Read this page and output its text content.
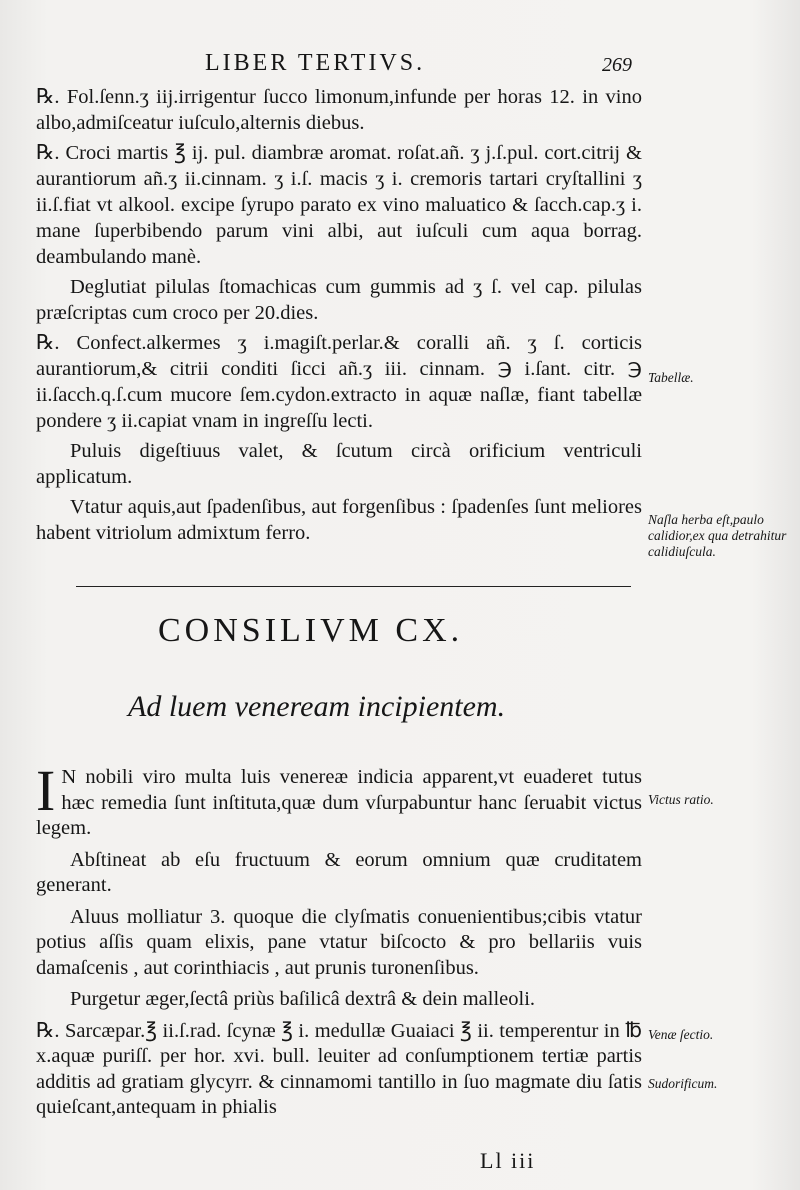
LIBER TERTIVS.	269

℞. Fol.ſenn.ʒ iij.irrigentur ſucco limonum,infunde per horas 12. in vino albo,admiſceatur iuſculo,alternis diebus.

℞. Croci martis ℥ ij. pul. diambræ aromat. roſat.añ. ʒ j.ſ.pul. cort.citrij & aurantiorum añ.ʒ ii.cinnam. ʒ i.ſ. macis ʒ i. cremoris tartari cryſtallini ʒ ii.ſ.fiat vt alkool. excipe ſyrupo parato ex vino maluatico & ſacch.cap.ʒ i. mane ſuperbibendo parum vini albi, aut iuſculi cum aqua borrag. deambulando manè.

Deglutiat pilulas ſtomachicas cum gummis ad ʒ ſ. vel cap. pilulas præſcriptas cum croco per 20.dies.

℞. Confect.alkermes ʒ i.magiſt.perlar.& coralli añ. ʒ ſ. corticis aurantiorum,& citrii conditi ſicci añ.ʒ iii. cinnam. ℈ i.ſant. citr. ℈ ii.ſacch.q.ſ.cum mucore ſem.cydon.extracto in aquæ naſlæ, fiant tabellæ pondere ʒ ii.capiat vnam in ingreſſu lecti.

Puluis digeſtiuus valet, & ſcutum circà orificium ventriculi applicatum.

Vtatur aquis,aut ſpadenſibus, aut forgenſibus : ſpadenſes ſunt meliores habent vitriolum admixtum ferro.

CONSILIVM CX.
Ad luem veneream incipientem.

I N nobili viro multa luis venereæ indicia apparent,vt euaderet tutus hæc remedia ſunt inſtituta,quæ dum vſurpabuntur hanc ſeruabit victus legem.

Abſtineat ab eſu fructuum & eorum omnium quæ cruditatem generant.

Aluus molliatur 3. quoque die clyſmatis conuenientibus;cibis vtatur potius aſſis quam elixis, pane vtatur biſcocto & pro bellariis vuis damaſcenis , aut corinthiacis , aut prunis turonenſibus.

Purgetur æger,ſectâ priùs baſilicâ dextrâ & dein malleoli.

℞. Sarcæpar.℥ ii.ſ.rad. ſcynæ ℥ i. medullæ Guaiaci ℥ ii. temperentur in ℔ x.aquæ puriſſ. per hor. xvi. bull. leuiter ad conſumptionem tertiæ partis additis ad gratiam glycyrr. & cinnamomi tantillo in ſuo magmate diu ſatis quieſcant,antequam in phialis

Ll iii
Tabellæ.
Naſla herba eſt,paulo calidior,ex qua detrahitur calidiuſcula.
Victus ratio.
Venæ ſectio.
Sudorificum.
